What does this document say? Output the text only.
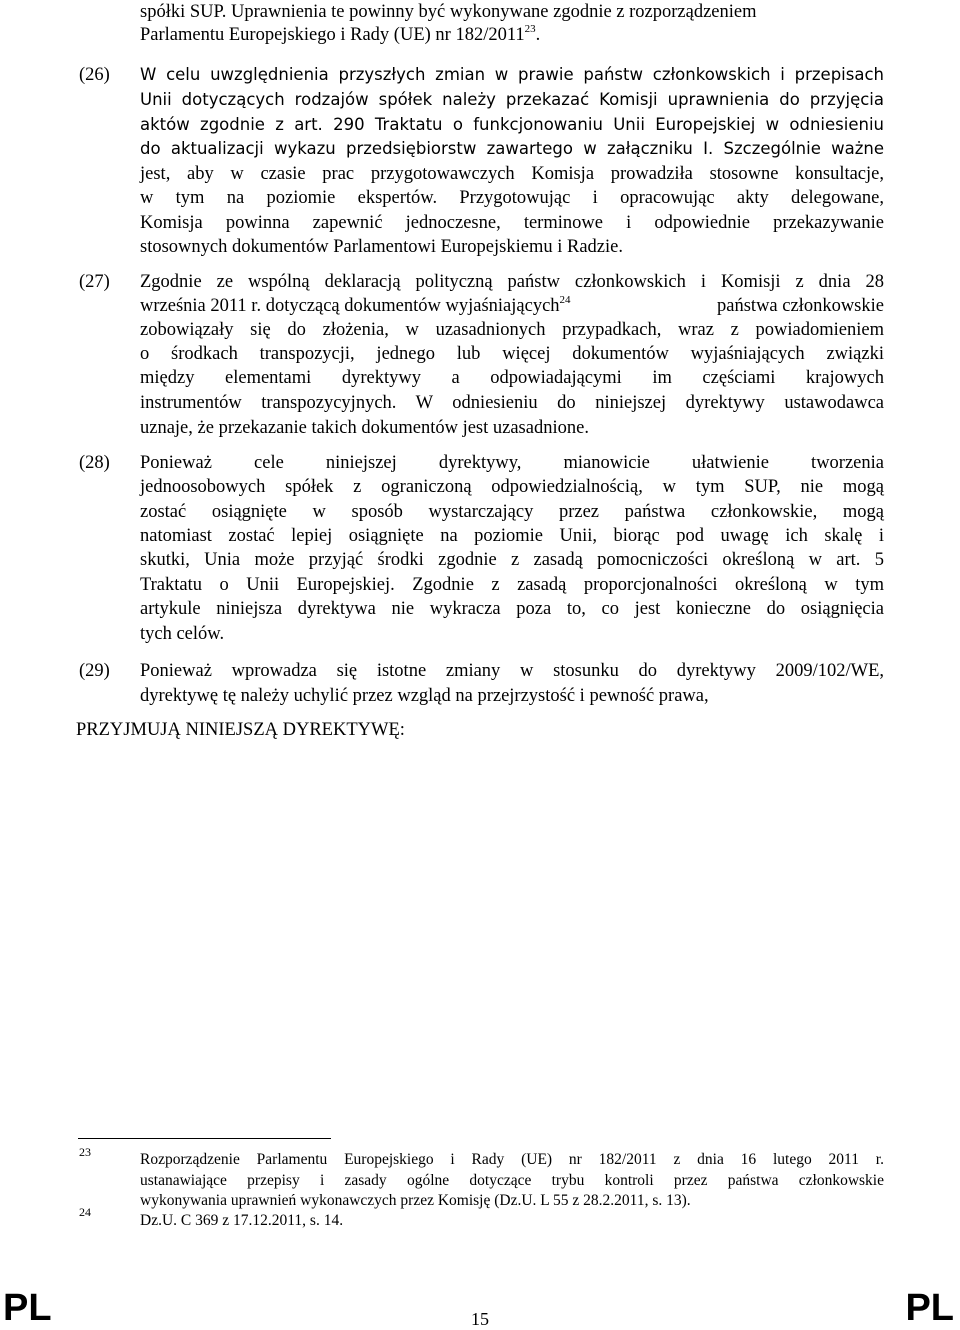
spółki SUP. Uprawnienia te powinny być wykonywane zgodnie z rozporządzeniem
Parlamentu Europejskiego i Rady (UE) nr 182/2011$^{23}$.
(26) W celu uwzględnienia przyszłych zmian w prawie państw członkowskich i przepisach
Unii dotyczących rodzajów spółek należy przekazać Komisji uprawnienia do przyjęcia
aktów zgodnie z art. 290 Traktatu o funkcjonowaniu Unii Europejskiej w odniesieniu
do aktualizacji wykazu przedsiębiorstw zawartego w załączniku I. Szczególnie ważne
jest, aby w czasie prac przygotowawczych Komisja prowadziła stosowne konsultacje,
w tym na poziomie ekspertów. Przygotowując i opracowując akty delegowane,
Komisja powinna zapewnić jednoczesne, terminowe i odpowiednie przekazywanie
stosownych dokumentów Parlamentowi Europejskiemu i Radzie.
(27) Zgodnie ze wspólną deklaracją polityczną państw członkowskich i Komisji z dnia 28
września 2011 r. dotyczącą dokumentów wyjaśniających$^{24}$	państwa członkowskie
zobowiązały się do złożenia, w uzasadnionych przypadkach, wraz z powiadomieniem
o środkach transpozycji, jednego lub więcej dokumentów wyjaśniających związki
między elementami dyrektywy a odpowiadającymi im częściami krajowych
instrumentów transpozycyjnych. W odniesieniu do niniejszej dyrektywy ustawodawca
uznaje, że przekazanie takich dokumentów jest uzasadnione.
(28) Ponieważ cele niniejszej dyrektywy, mianowicie ułatwienie tworzenia
jednoosobowych spółek z ograniczoną odpowiedzialnością, w tym SUP, nie mogą
zostać osiągnięte w sposób wystarczający przez państwa członkowskie, mogą
natomiast zostać lepiej osiągnięte na poziomie Unii, biorąc pod uwagę ich skalę i
skutki, Unia może przyjąć środki zgodnie z zasadą pomocniczości określoną w art. 5
Traktatu o Unii Europejskiej. Zgodnie z zasadą proporcjonalności określoną w tym
artykule niniejsza dyrektywa nie wykracza poza to, co jest konieczne do osiągnięcia
tych celów.
(29) Ponieważ wprowadza się istotne zmiany w stosunku do dyrektywy 2009/102/WE,
dyrektywę tę należy uchylić przez wzgląd na przejrzystość i pewność prawa,
PRZYJMUJĄ NINIEJSZĄ DYREKTYWĘ:
23	Rozporządzenie Parlamentu Europejskiego i Rady (UE) nr 182/2011 z dnia 16 lutego 2011 r.
ustanawiające przepisy i zasady ogólne dotyczące trybu kontroli przez państwa członkowskie
wykonywania uprawnień wykonawczych przez Komisję (Dz.U. L 55 z 28.2.2011, s. 13).
24	Dz.U. C 369 z 17.12.2011, s. 14.
PL	15	PL
